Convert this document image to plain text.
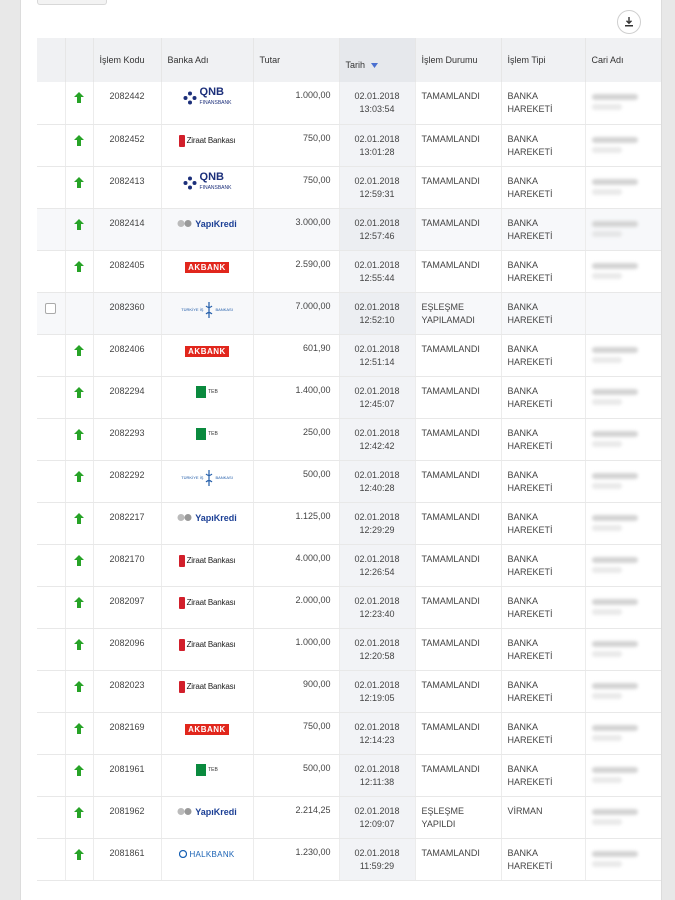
		İşlem Kodu	Banka Adı	Tutar	Tarih	İşlem Durumu	İşlem Tipi	Cari Adı
		2082442	QNB
FINANSBANK	1.000,00	02.01.2018
13:03:54	TAMAMLANDI	BANKA
HAREKETİ	

		2082452	Ziraat Bankası	750,00	02.01.2018
13:01:28	TAMAMLANDI	BANKA
HAREKETİ	

		2082413	QNB
FINANSBANK	750,00	02.01.2018
12:59:31	TAMAMLANDI	BANKA
HAREKETİ	

		2082414	YapıKredi	3.000,00	02.01.2018
12:57:46	TAMAMLANDI	BANKA
HAREKETİ	

		2082405	AKBANK	2.590,00	02.01.2018
12:55:44	TAMAMLANDI	BANKA
HAREKETİ	

		2082360	TÜRKİYE İŞ BANKASI	7.000,00	02.01.2018
12:52:10	EŞLEŞME
YAPILAMADI	BANKA
HAREKETİ	
		2082406	AKBANK	601,90	02.01.2018
12:51:14	TAMAMLANDI	BANKA
HAREKETİ	

		2082294	TEB	1.400,00	02.01.2018
12:45:07	TAMAMLANDI	BANKA
HAREKETİ	

		2082293	TEB	250,00	02.01.2018
12:42:42	TAMAMLANDI	BANKA
HAREKETİ	

		2082292	TÜRKİYE İŞ BANKASI	500,00	02.01.2018
12:40:28	TAMAMLANDI	BANKA
HAREKETİ	

		2082217	YapıKredi	1.125,00	02.01.2018
12:29:29	TAMAMLANDI	BANKA
HAREKETİ	

		2082170	Ziraat Bankası	4.000,00	02.01.2018
12:26:54	TAMAMLANDI	BANKA
HAREKETİ	

		2082097	Ziraat Bankası	2.000,00	02.01.2018
12:23:40	TAMAMLANDI	BANKA
HAREKETİ	

		2082096	Ziraat Bankası	1.000,00	02.01.2018
12:20:58	TAMAMLANDI	BANKA
HAREKETİ	

		2082023	Ziraat Bankası	900,00	02.01.2018
12:19:05	TAMAMLANDI	BANKA
HAREKETİ	

		2082169	AKBANK	750,00	02.01.2018
12:14:23	TAMAMLANDI	BANKA
HAREKETİ	

		2081961	TEB	500,00	02.01.2018
12:11:38	TAMAMLANDI	BANKA
HAREKETİ	

		2081962	YapıKredi	2.214,25	02.01.2018
12:09:07	EŞLEŞME
YAPILDI	VİRMAN

		2081861	HALKBANK	1.230,00	02.01.2018
11:59:29	TAMAMLANDI	BANKA
HAREKETİ	
